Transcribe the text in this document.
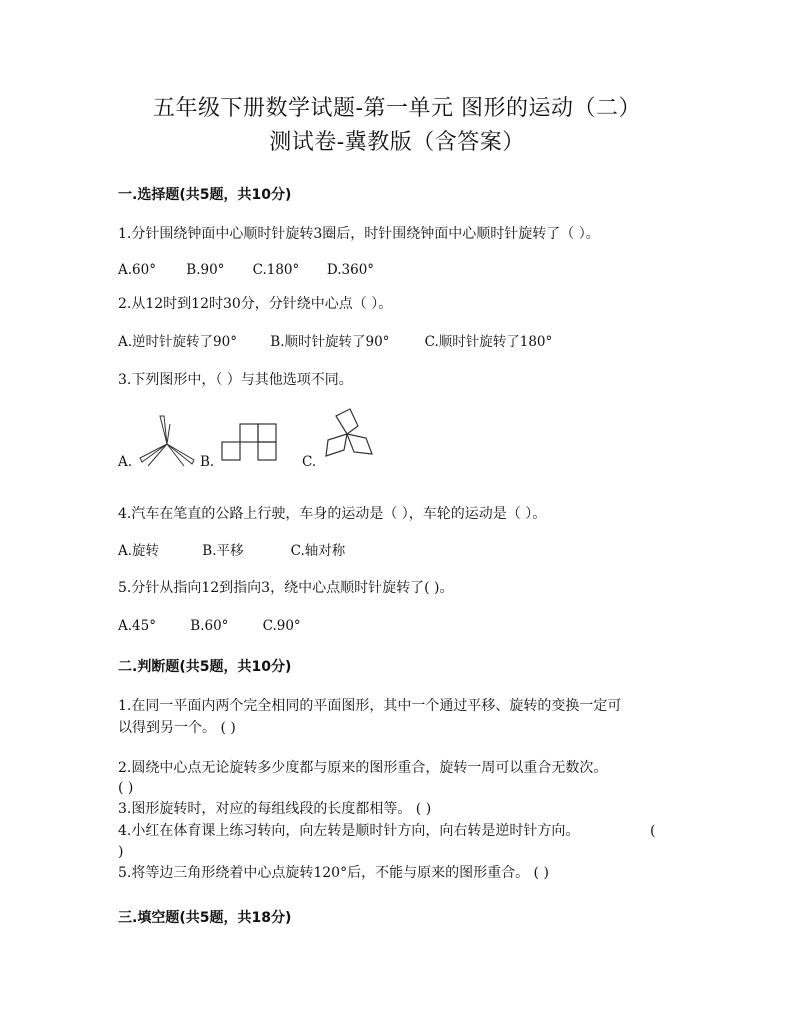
五年级下册数学试题-第一单元 图形的运动（二）
测试卷-冀教版（含答案）
一.选择题(共5题，共10分)
1.分针围绕钟面中心顺时针旋转3圈后，时针围绕钟面中心顺时针旋转了（ ）。
A.60° B.90° C.180° D.360°
2.从12时到12时30分，分针绕中心点（ ）。
A.逆时针旋转了90° B.顺时针旋转了90°	C.顺时针旋转了180°
3.下列图形中，（ ）与其他选项不同。
A.	B.	C.
4.汽车在笔直的公路上行驶，车身的运动是（ ），车轮的运动是（ ）。
A.旋转	B.平移	C.轴对称
5.分针从指向12到指向3，绕中心点顺时针旋转了( )。
A.45°	B.60°	C.90°
二.判断题(共5题，共10分)
1.在同一平面内两个完全相同的平面图形，其中一个通过平移、旋转的变换一定可
以得到另一个。 ( )
2.圆绕中心点无论旋转多少度都与原来的图形重合，旋转一周可以重合无数次。
( )
3.图形旋转时，对应的每组线段的长度都相等。 ( )
4.小红在体育课上练习转向，向左转是顺时针方向，向右转是逆时针方向。	(
)
5.将等边三角形绕着中心点旋转120°后，不能与原来的图形重合。 ( )
三.填空题(共5题，共18分)
